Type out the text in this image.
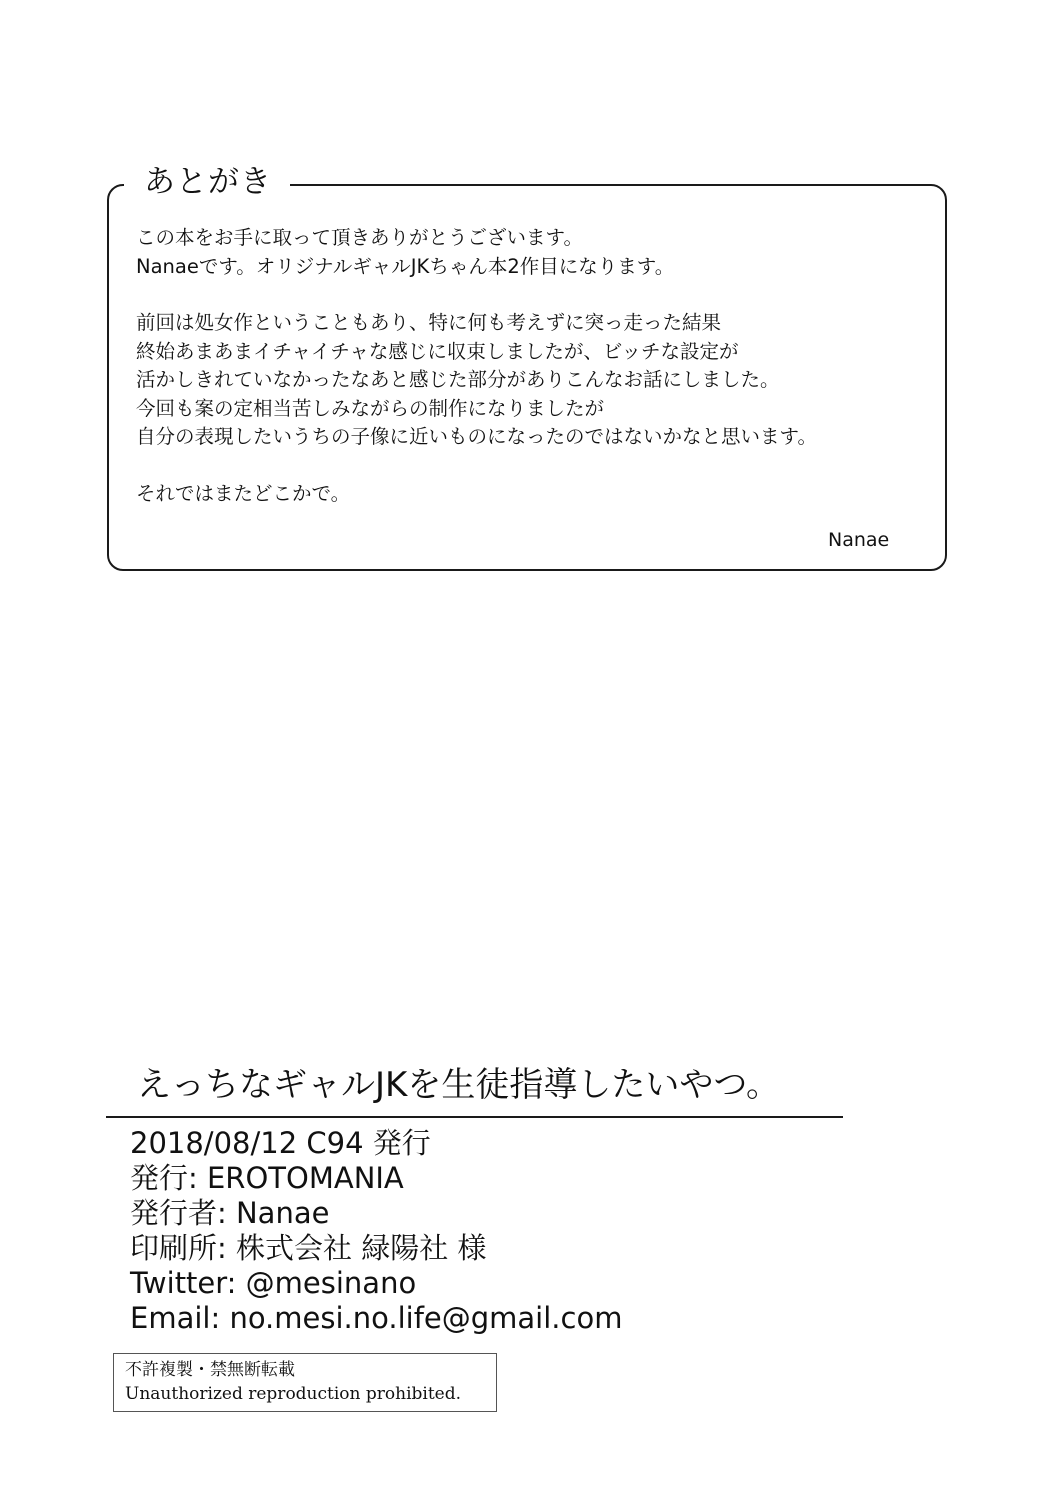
あとがき

この本をお手に取って頂きありがとうございます。

Nanaeです。オリジナルギャルJKちゃん本2作目になります。

前回は処女作ということもあり、特に何も考えずに突っ走った結果

終始あまあまイチャイチャな感じに収束しましたが、ビッチな設定が

活かしきれていなかったなあと感じた部分がありこんなお話にしました。

今回も案の定相当苦しみながらの制作になりましたが

自分の表現したいうちの子像に近いものになったのではないかなと思います。

それではまたどこかで。

Nanae
えっちなギャルJKを生徒指導したいやつ。
2018/08/12 C94 発行
発行: EROTOMANIA
発行者: Nanae
印刷所: 株式会社 緑陽社 様
Twitter: @mesinano
Email: no.mesi.no.life@gmail.com
不許複製・禁無断転載
Unauthorized reproduction prohibited.
